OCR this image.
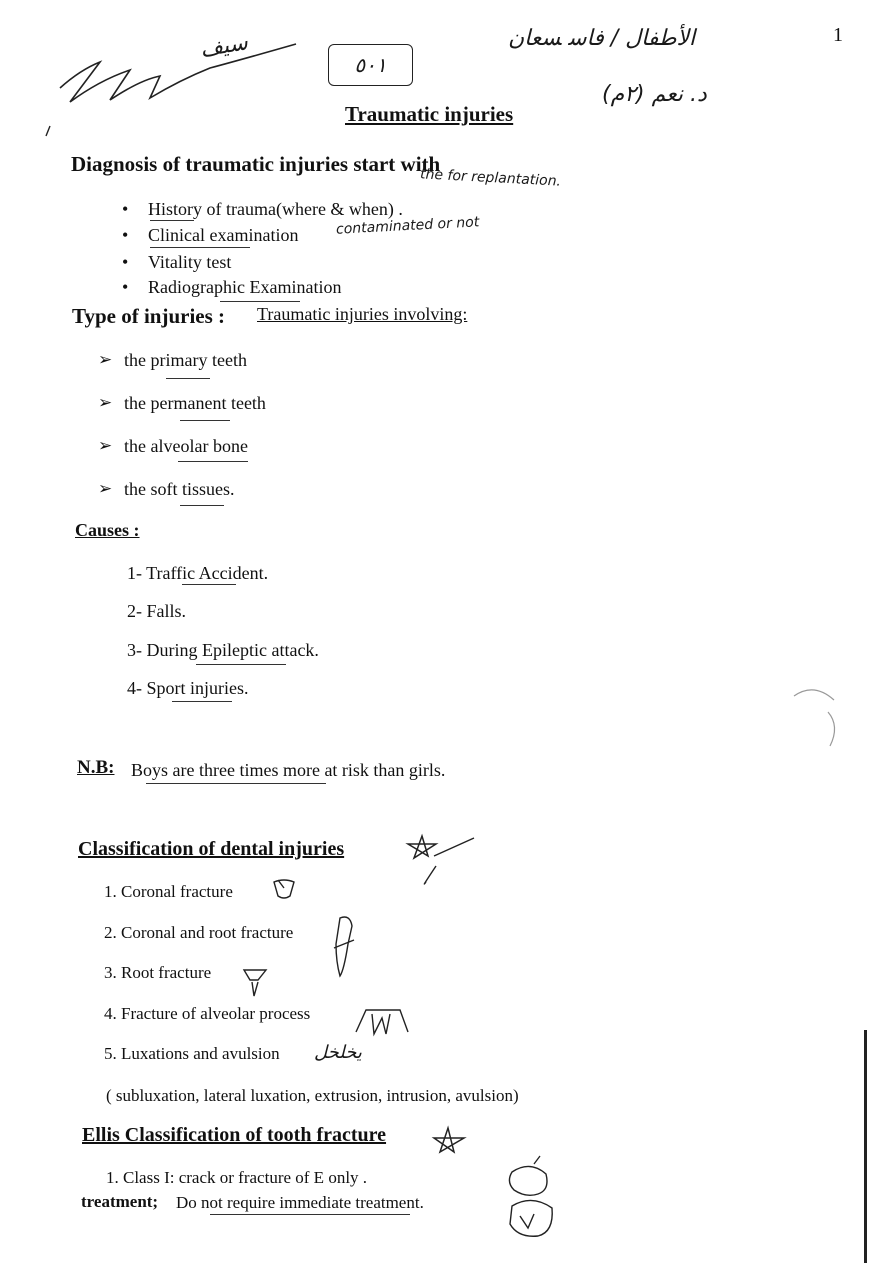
1
الأطفال / ف‍اس‍ ‍س‍ع‍ان
د. نعم (٢م)
سيف
٥٠١
the for replantation.
contaminated or not
Traumatic injuries
Diagnosis of traumatic injuries start with
• History of trauma(where & when) .
• Clinical examination
• Vitality test
• Radiographic Examination
Type of injuries : Traumatic injuries involving:
➢ the primary teeth
➢ the permanent teeth
➢ the alveolar bone
➢ the soft tissues.
Causes :
1- Traffic Accident.
2- Falls.
3- During Epileptic attack.
4- Sport injuries.
N.B: Boys are three times more at risk than girls.
Classification of dental injuries
1. Coronal fracture
2. Coronal and root fracture
3. Root fracture
4. Fracture of alveolar process
5. Luxations and avulsion يخلخل
( subluxation, lateral luxation, extrusion, intrusion, avulsion)
Ellis Classification of tooth fracture
1. Class I: crack or fracture of E only .
treatment; Do not require immediate treatment.
